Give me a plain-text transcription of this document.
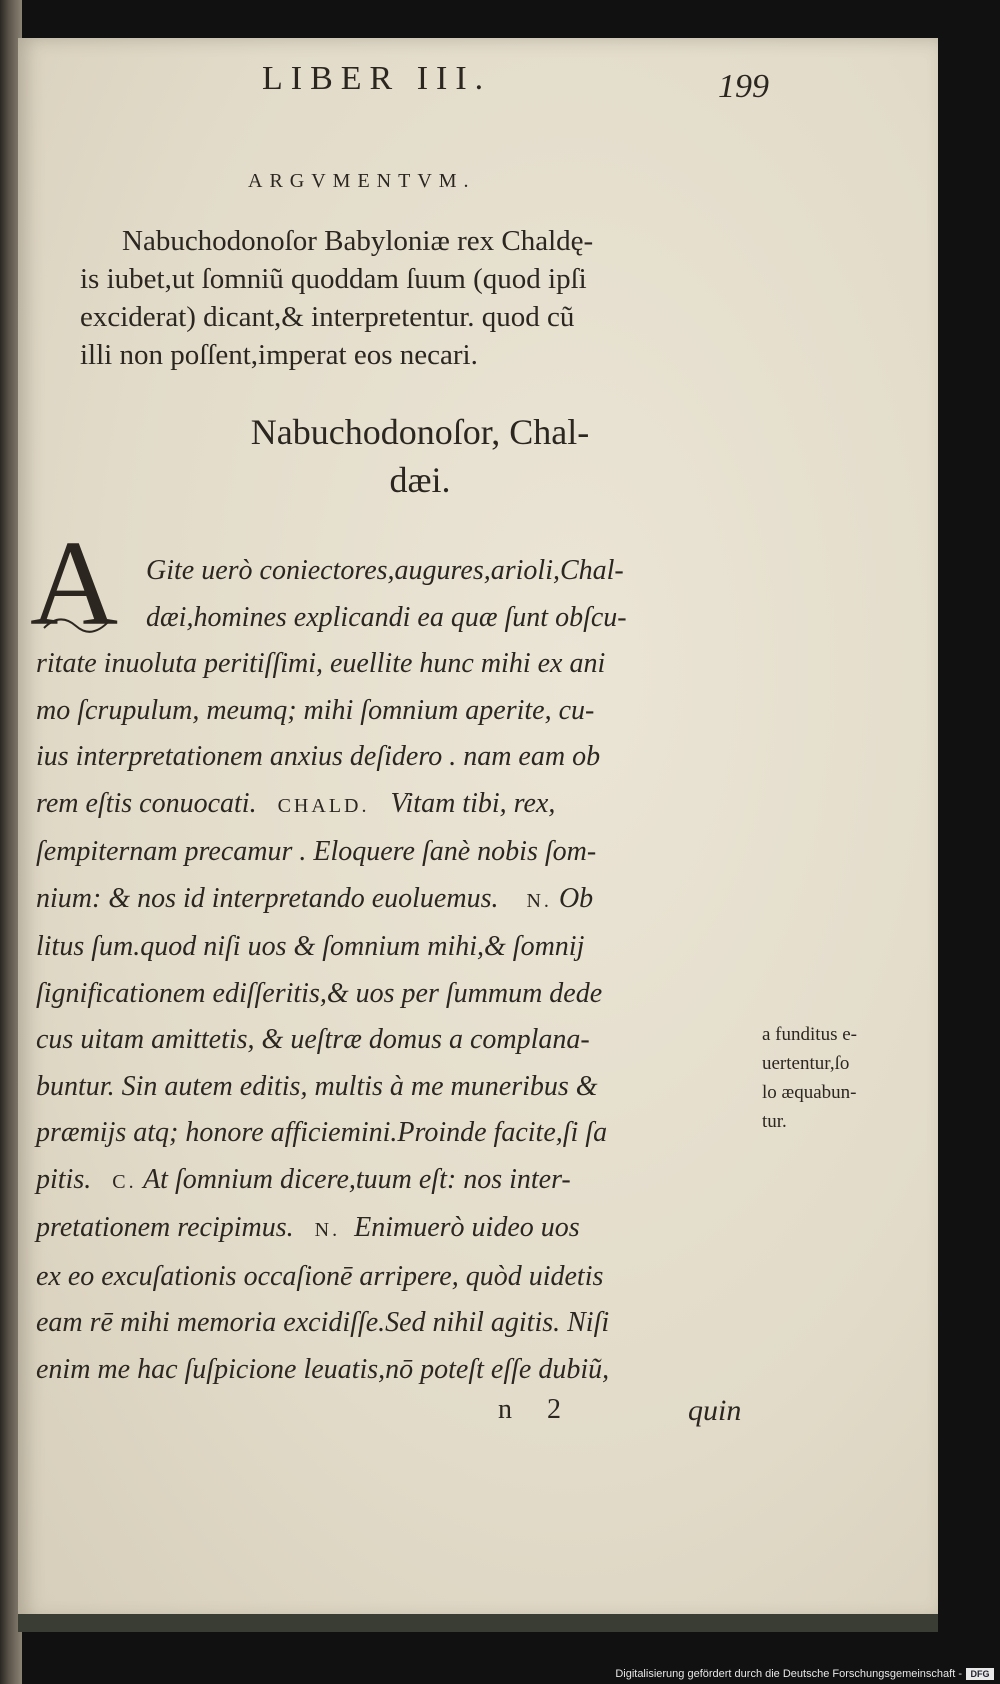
LIBER III.	199
ARGVMENTVM.
Nabuchodonoſor Babyloniæ rex Chaldę-
is iubet,ut ſomniũ quoddam ſuum (quod ipſi
exciderat) dicant,& interpretentur. quod cũ
illi non poſſent,imperat eos necari.
Nabuchodonoſor, Chal-
dæi.
A Gite uerò coniectores,augures,arioli,Chal-
dæi,homines explicandi ea quæ ſunt obſcu-
ritate inuoluta peritiſſimi, euellite hunc mihi ex ani
mo ſcrupulum, meumq; mihi ſomnium aperite, cu-
ius interpretationem anxius deſidero . nam eam ob
rem eſtis conuocati. CHALD. Vitam tibi, rex,
ſempiternam precamur . Eloquere ſanè nobis ſom-
nium: & nos id interpretando euoluemus. N. Ob
litus ſum.quod niſi uos & ſomnium mihi,& ſomnij
ſignificationem ediſſeritis,& uos per ſummum dede
cus uitam amittetis, & ueſtræ domus a complana-
buntur. Sin autem editis, multis à me muneribus &
præmijs atq; honore afficiemini.Proinde facite,ſi ſa
pitis. C. At ſomnium dicere,tuum eſt: nos inter-
pretationem recipimus. N. Enimuerò uideo uos
ex eo excuſationis occaſionē arripere, quòd uidetis
eam rē mihi memoria excidiſſe.Sed nihil agitis. Niſi
enim me hac ſuſpicione leuatis,nō poteſt eſſe dubiũ,
a funditus e-
uertentur,ſo
lo æquabun-
tur.
n 2	quin
Digitalisierung gefördert durch die Deutsche Forschungsgemeinschaft - DFG
